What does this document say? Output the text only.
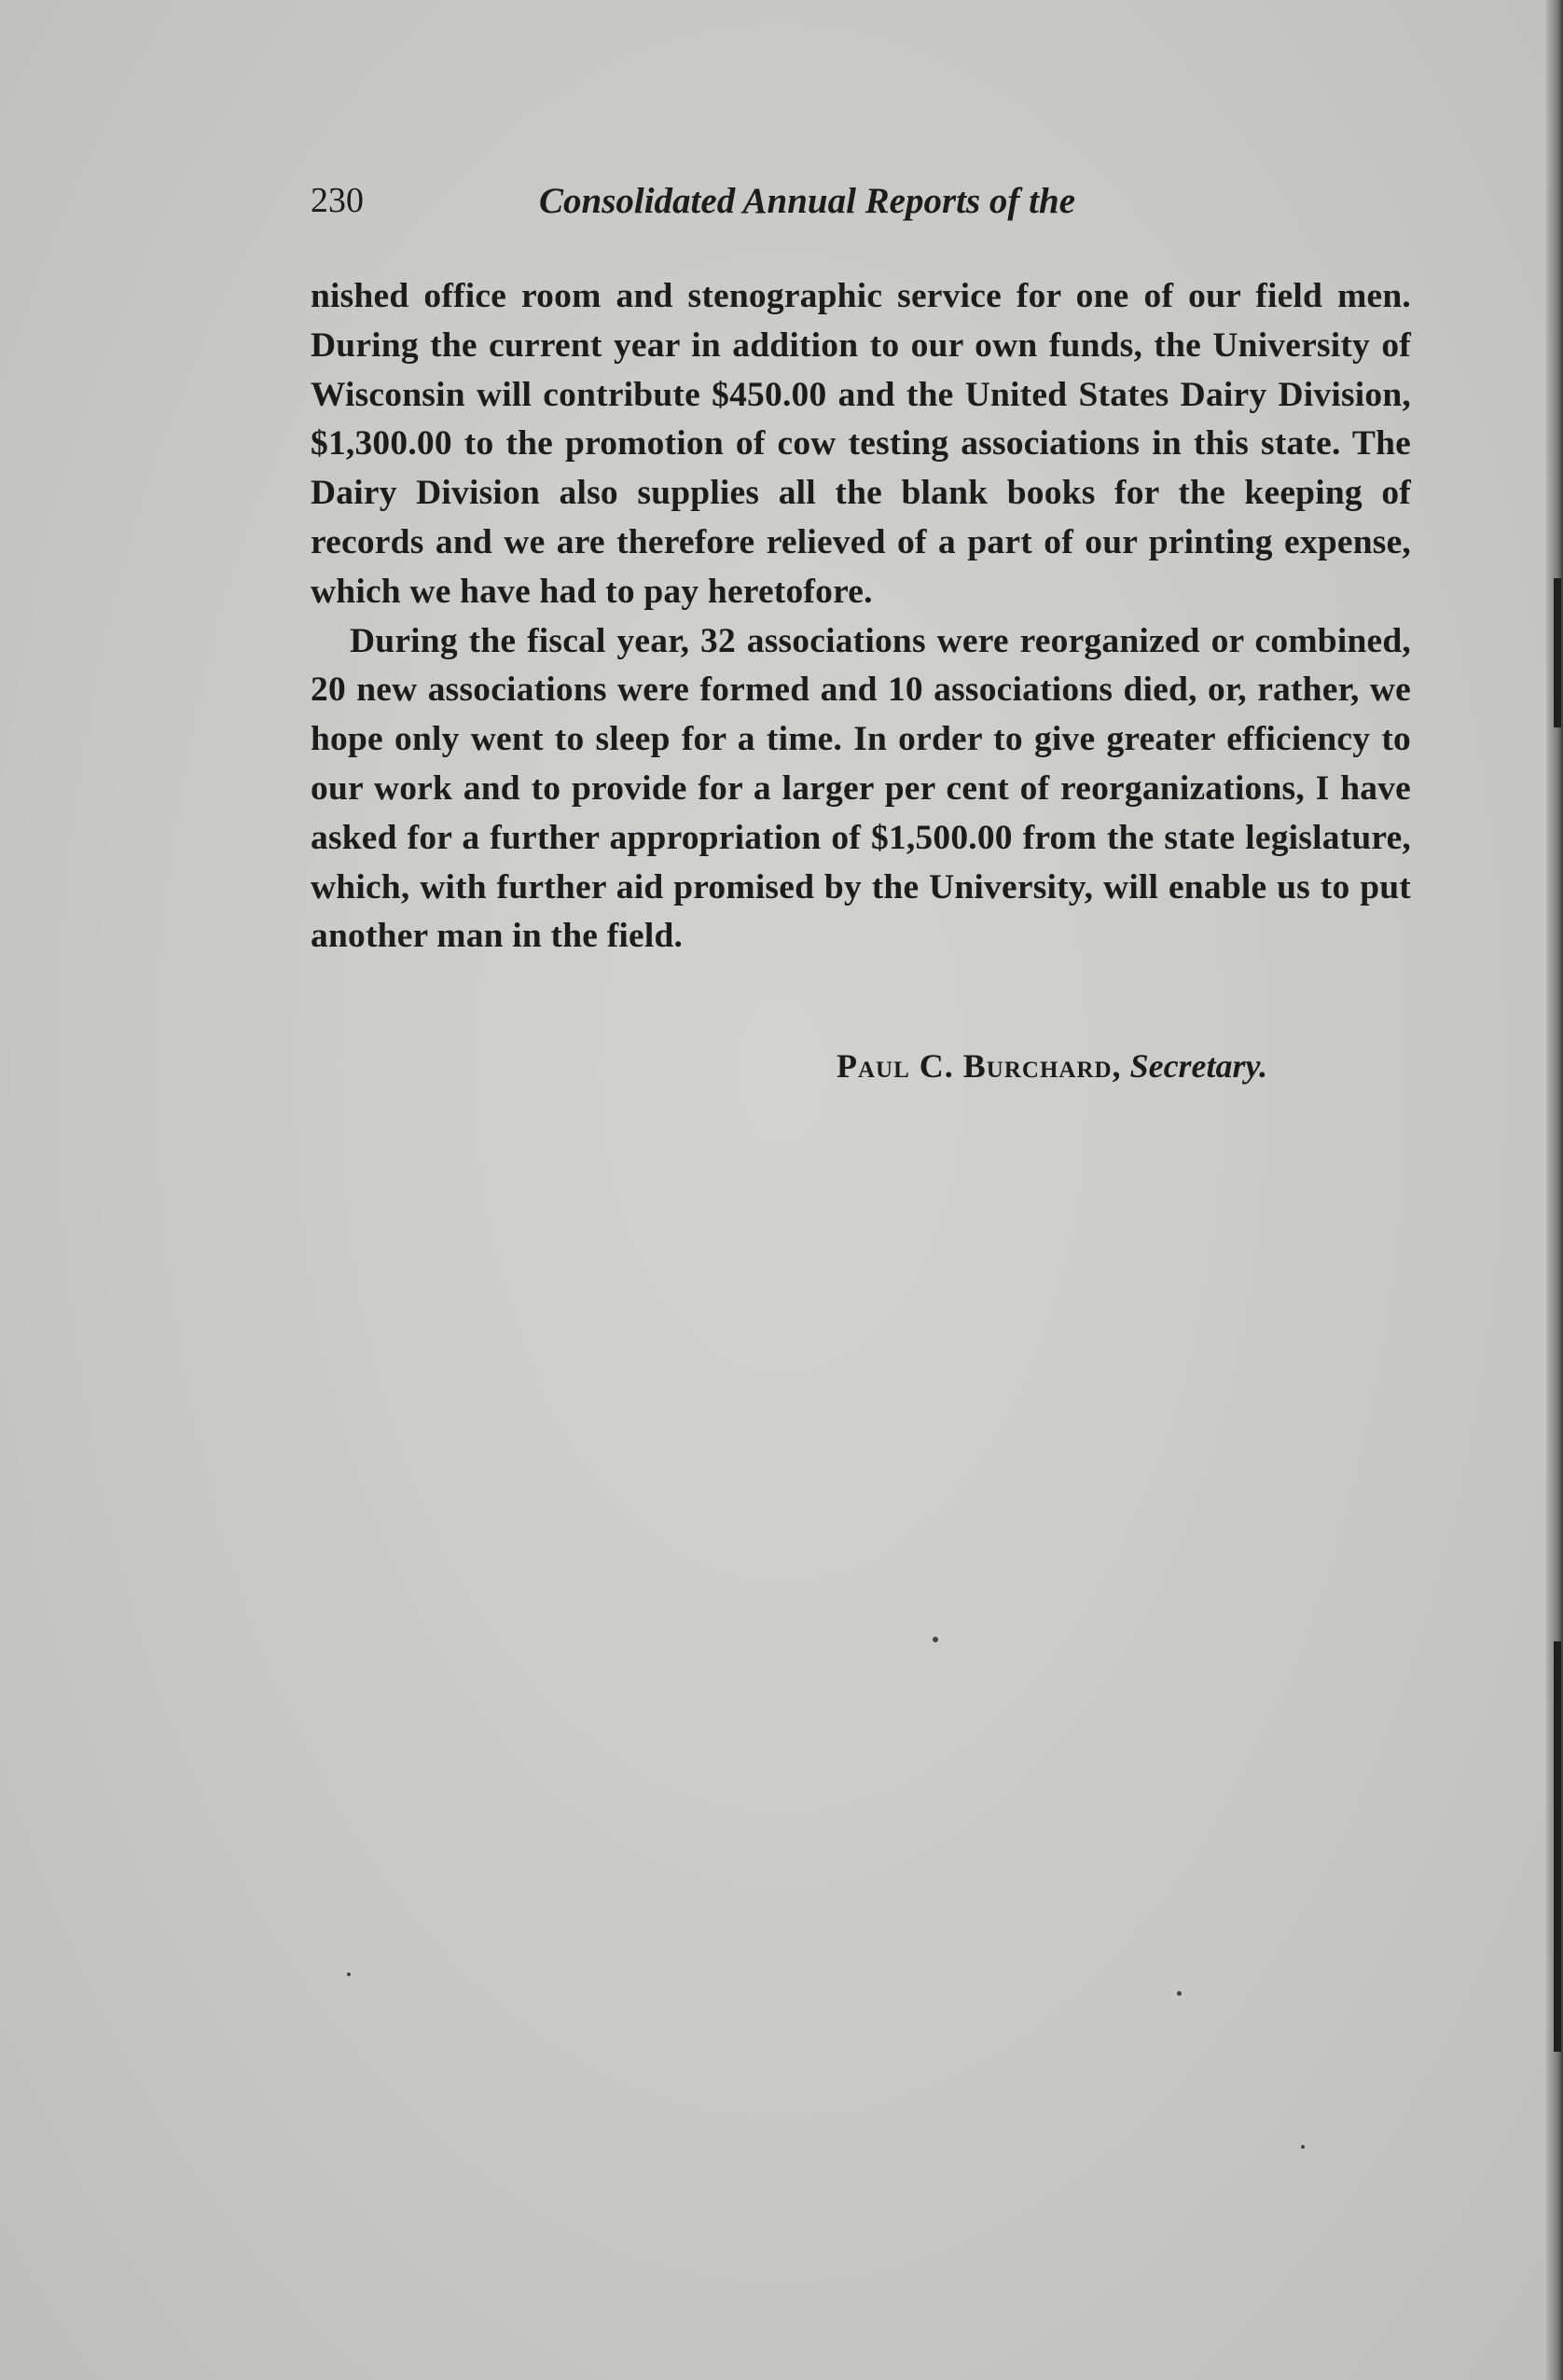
230	Consolidated Annual Reports of the

nished office room and stenographic service for one of our field men. During the current year in addition to our own funds, the University of Wisconsin will contribute $450.00 and the United States Dairy Division, $1,300.00 to the promotion of cow testing associations in this state. The Dairy Division also supplies all the blank books for the keeping of records and we are therefore relieved of a part of our printing expense, which we have had to pay heretofore.

During the fiscal year, 32 associations were reorganized or combined, 20 new associations were formed and 10 associations died, or, rather, we hope only went to sleep for a time. In order to give greater efficiency to our work and to provide for a larger per cent of reorganizations, I have asked for a further appropriation of $1,500.00 from the state legislature, which, with further aid promised by the University, will enable us to put another man in the field.

Paul C. Burchard, Secretary.
